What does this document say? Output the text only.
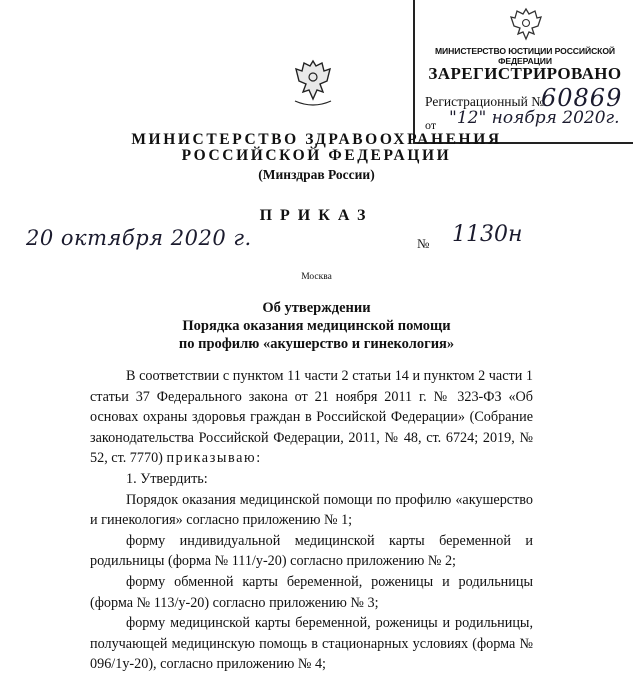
МИНИСТЕРСТВО ЮСТИЦИИ РОССИЙСКОЙ ФЕДЕРАЦИИ
ЗАРЕГИСТРИРОВАНО
Регистрационный №
60869
от "12" ноября 2020г.
МИНИСТЕРСТВО ЗДРАВООХРАНЕНИЯ
РОССИЙСКОЙ ФЕДЕРАЦИИ
(Минздрав России)
ПРИКАЗ
20 октября 2020 г.	№ 1130н
Москва
Об утверждении
Порядка оказания медицинской помощи
по профилю «акушерство и гинекология»

В соответствии с пунктом 11 части 2 статьи 14 и пунктом 2 части 1 статьи 37 Федерального закона от 21 ноября 2011 г. № 323-ФЗ «Об основах охраны здоровья граждан в Российской Федерации» (Собрание законодательства Российской Федерации, 2011, № 48, ст. 6724; 2019, № 52, ст. 7770) приказываю:

1. Утвердить:

Порядок оказания медицинской помощи по профилю «акушерство и гинекология» согласно приложению № 1;

форму индивидуальной медицинской карты беременной и родильницы (форма № 111/у-20) согласно приложению № 2;

форму обменной карты беременной, роженицы и родильницы (форма № 113/у-20) согласно приложению № 3;

форму медицинской карты беременной, роженицы и родильницы, получающей медицинскую помощь в стационарных условиях (форма № 096/1у-20), согласно приложению № 4;
